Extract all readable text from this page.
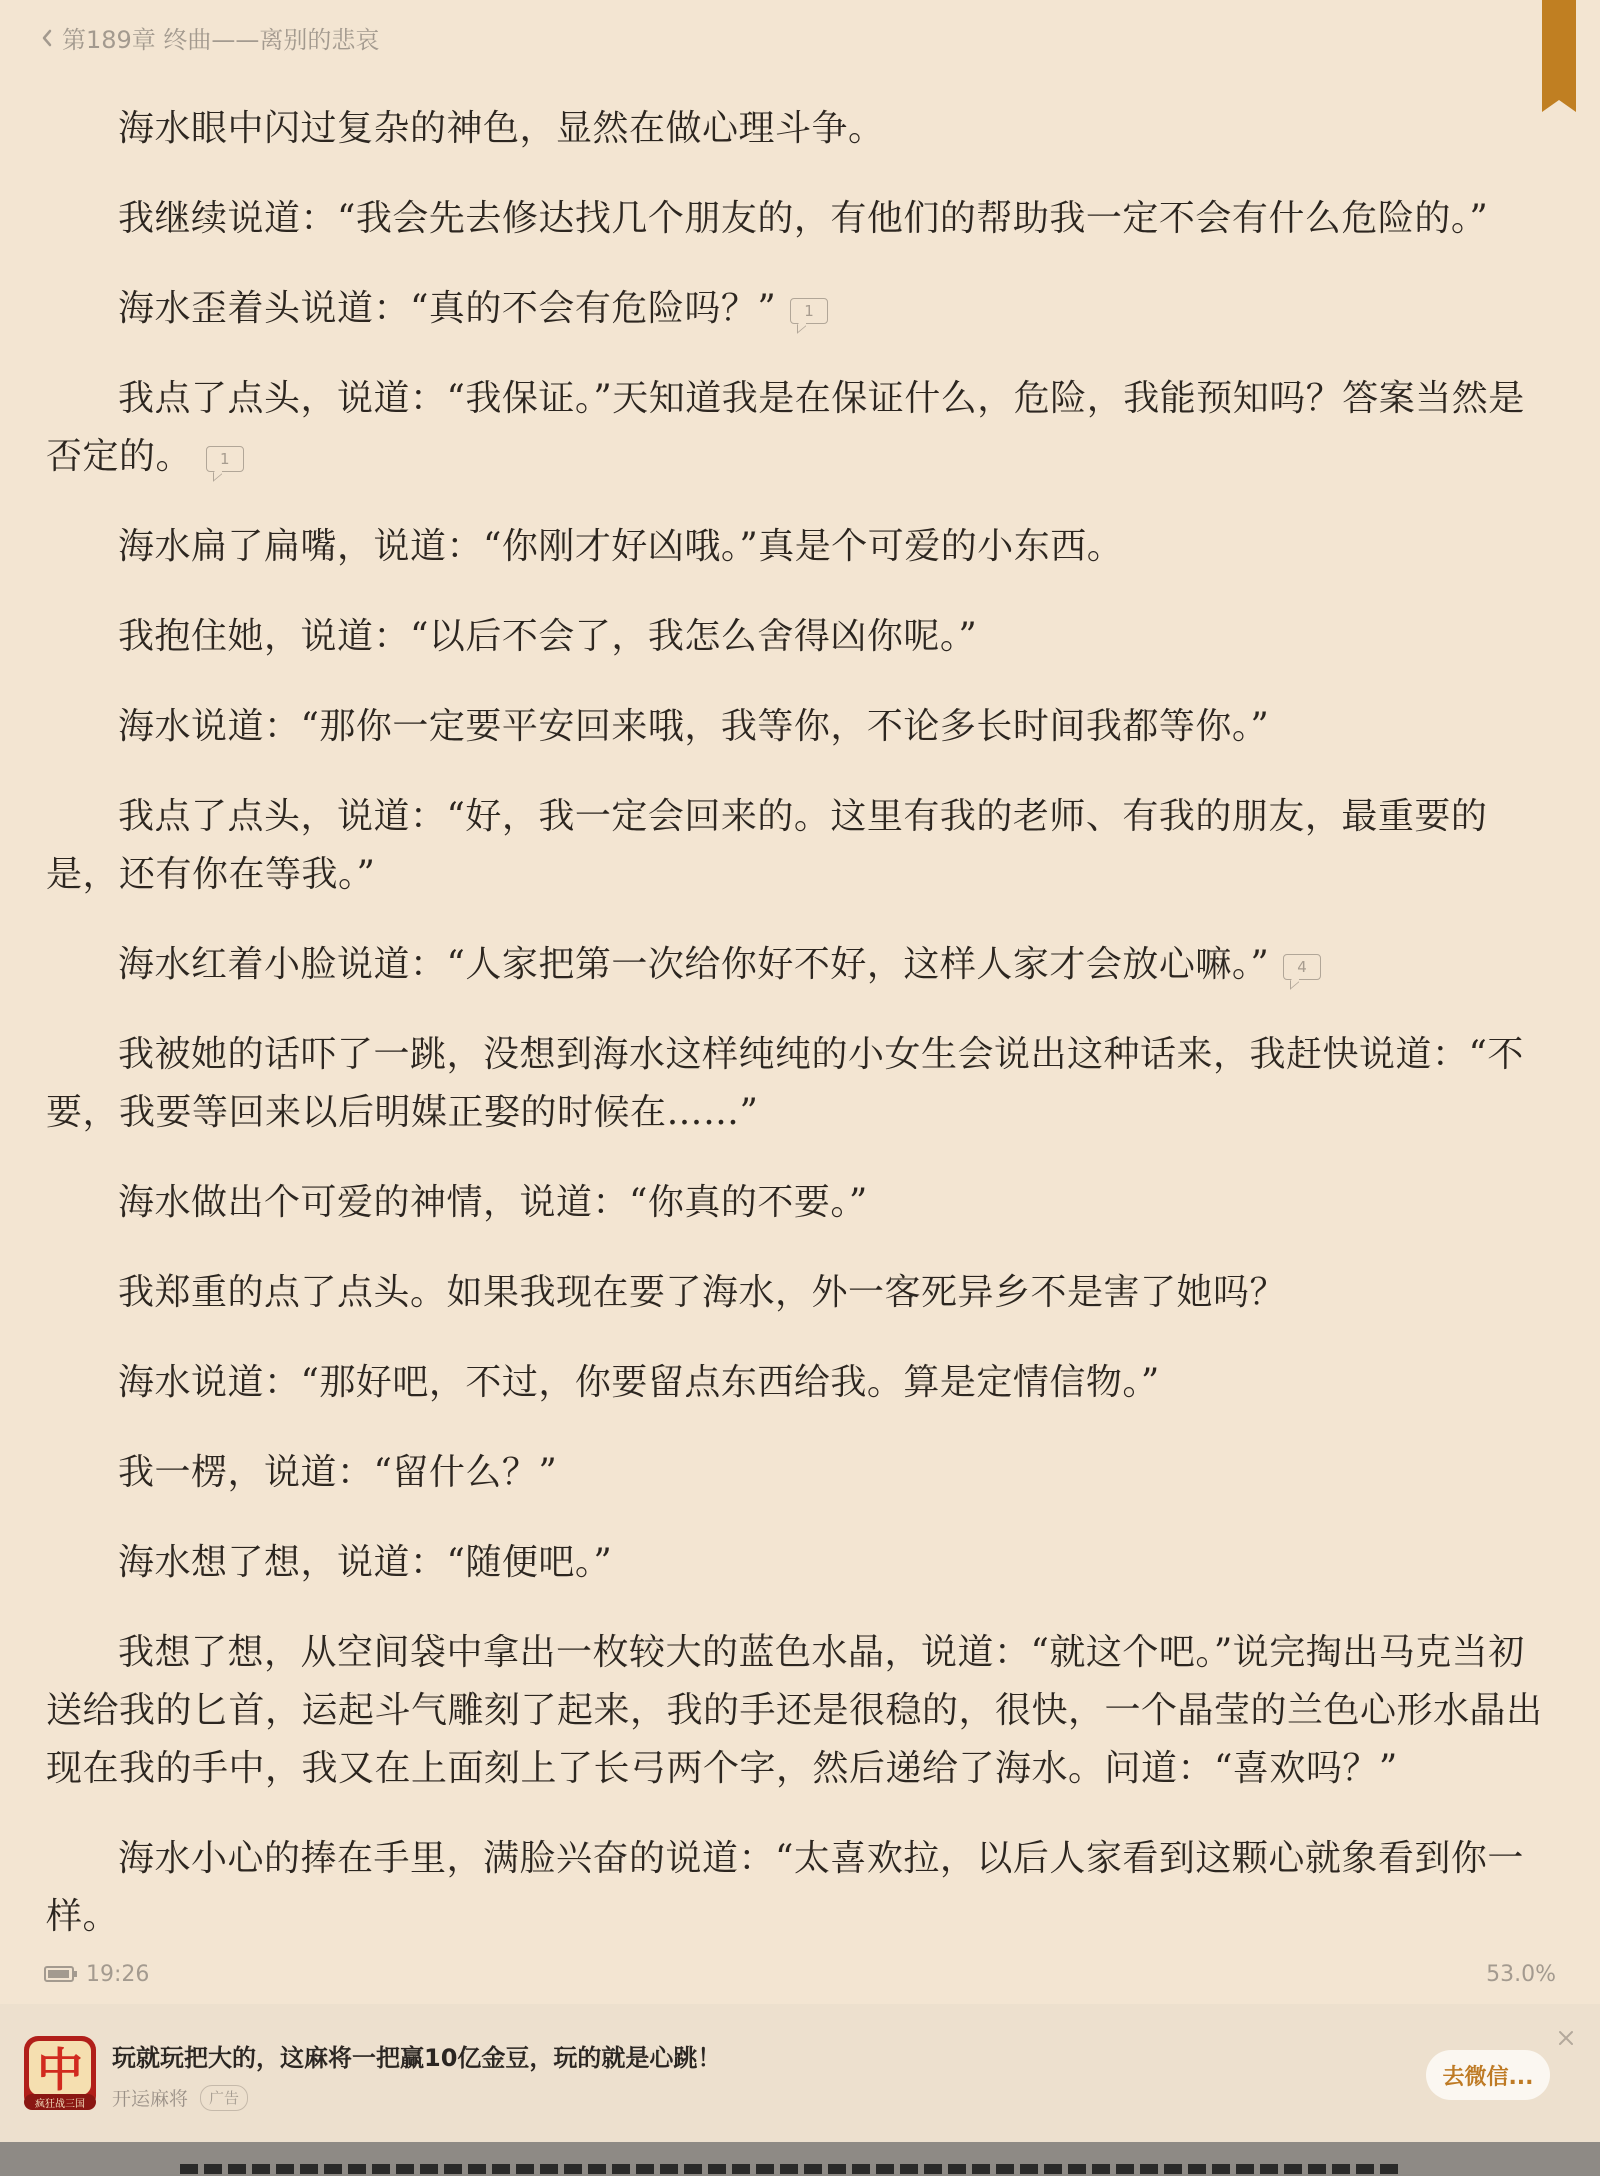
第189章 终曲——离别的悲哀

海水眼中闪过复杂的神色，显然在做心理斗争。

我继续说道：“我会先去修达找几个朋友的，有他们的帮助我一定不会有什么危险的。”

海水歪着头说道：“真的不会有危险吗？” 1

我点了点头，说道：“我保证。”天知道我是在保证什么，危险，我能预知吗？答案当然是否定的。 1

海水扁了扁嘴，说道：“你刚才好凶哦。”真是个可爱的小东西。

我抱住她，说道：“以后不会了，我怎么舍得凶你呢。”

海水说道：“那你一定要平安回来哦，我等你，不论多长时间我都等你。”

我点了点头，说道：“好，我一定会回来的。这里有我的老师、有我的朋友，最重要的是，还有你在等我。”

海水红着小脸说道：“人家把第一次给你好不好，这样人家才会放心嘛。” 4

我被她的话吓了一跳，没想到海水这样纯纯的小女生会说出这种话来，我赶快说道：“不要，我要等回来以后明媒正娶的时候在……”

海水做出个可爱的神情，说道：“你真的不要。”

我郑重的点了点头。如果我现在要了海水，外一客死异乡不是害了她吗？

海水说道：“那好吧，不过，你要留点东西给我。算是定情信物。”

我一楞，说道：“留什么？”

海水想了想，说道：“随便吧。”

我想了想，从空间袋中拿出一枚较大的蓝色水晶，说道：“就这个吧。”说完掏出马克当初送给我的匕首，运起斗气雕刻了起来，我的手还是很稳的，很快，一个晶莹的兰色心形水晶出现在我的手中，我又在上面刻上了长弓两个字，然后递给了海水。问道：“喜欢吗？”

海水小心的捧在手里，满脸兴奋的说道：“太喜欢拉，以后人家看到这颗心就象看到你一样。

19:26	53.0%
中
疯狂战三国
玩就玩把大的，这麻将一把赢10亿金豆，玩的就是心跳！
开运麻将	广告
去微信...
